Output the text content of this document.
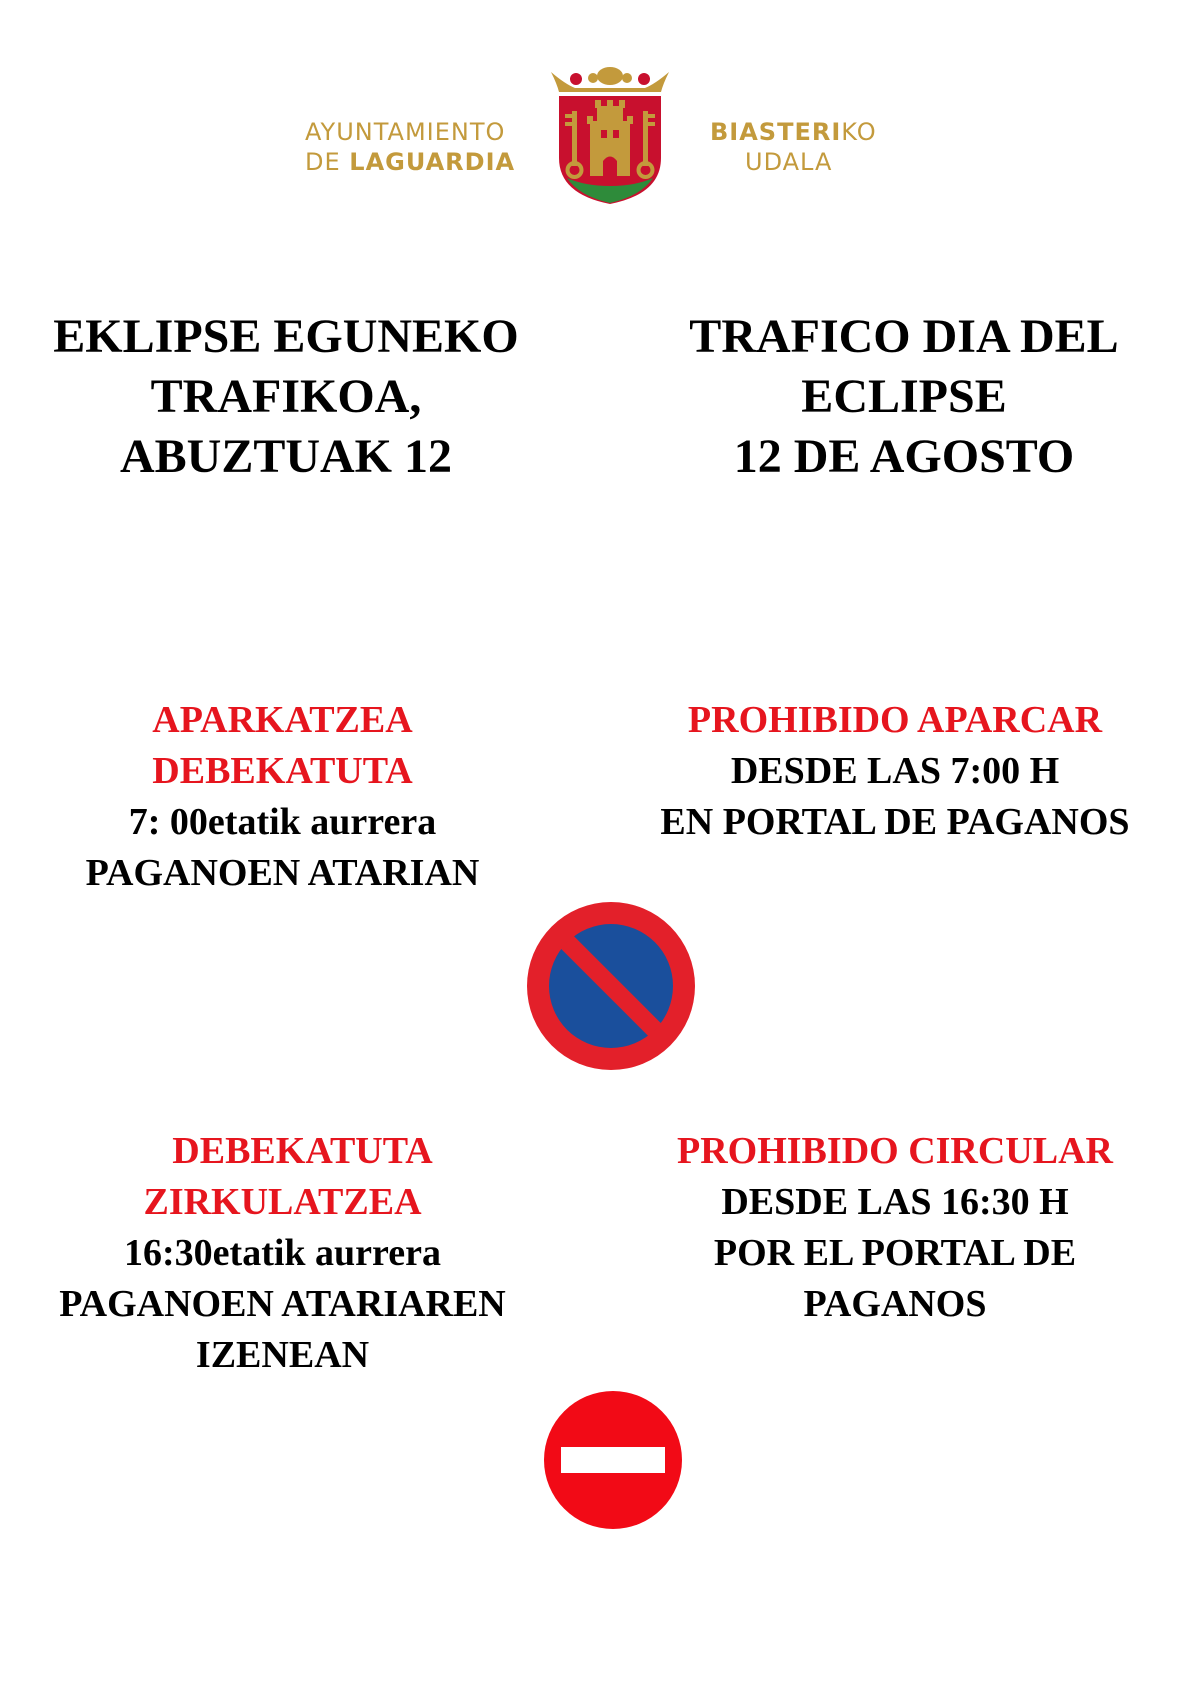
AYUNTAMIENTO
DE LAGUARDIA
BIASTERIKO
UDALA
EKLIPSE EGUNEKO
TRAFIKOA,
ABUZTUAK 12
TRAFICO DIA DEL
ECLIPSE
12 DE AGOSTO
APARKATZEA
DEBEKATUTA
7: 00etatik aurrera
PAGANOEN ATARIAN
PROHIBIDO APARCAR
DESDE LAS 7:00 H
EN PORTAL DE PAGANOS
DEBEKATUTA
ZIRKULATZEA
16:30etatik aurrera
PAGANOEN ATARIAREN
IZENEAN
PROHIBIDO CIRCULAR
DESDE LAS 16:30 H
POR EL PORTAL DE
PAGANOS
